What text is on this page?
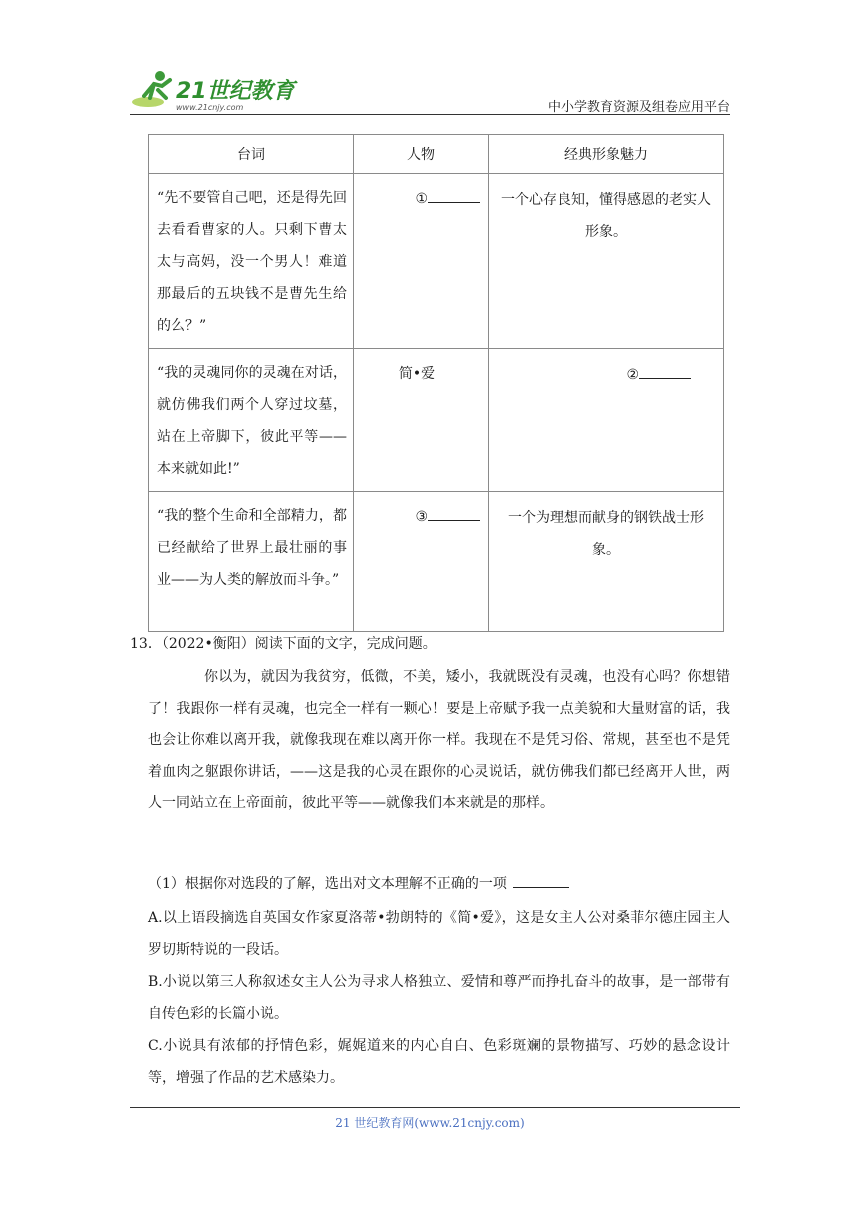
21世纪教育
www.21cnjy.com	中小学教育资源及组卷应用平台
台词	人物	经典形象魅力
“先不要管自己吧，还是得先回去看看曹家的人。只剩下曹太太与高妈，没一个男人！难道那最后的五块钱不是曹先生给的么？”	①	一个心存良知，懂得感恩的老实人形象。
“我的灵魂同你的灵魂在对话，就仿佛我们两个人穿过坟墓，站在上帝脚下，彼此平等——本来就如此!”	简•爱	②
“我的整个生命和全部精力，都已经献给了世界上最壮丽的事业——为人类的解放而斗争。”	③	一个为理想而献身的钢铁战士形象。
13．（2022•衡阳）阅读下面的文字，完成问题。
你以为，就因为我贫穷，低微，不美，矮小，我就既没有灵魂，也没有心吗？你想错了！我跟你一样有灵魂，也完全一样有一颗心！要是上帝赋予我一点美貌和大量财富的话，我也会让你难以离开我，就像我现在难以离开你一样。我现在不是凭习俗、常规，甚至也不是凭着血肉之躯跟你讲话，——这是我的心灵在跟你的心灵说话，就仿佛我们都已经离开人世，两人一同站立在上帝面前，彼此平等——就像我们本来就是的那样。
（1）根据你对选段的了解，选出对文本理解不正确的一项
A.以上语段摘选自英国女作家夏洛蒂•勃朗特的《简•爱》，这是女主人公对桑菲尔德庄园主人罗切斯特说的一段话。
B.小说以第三人称叙述女主人公为寻求人格独立、爱情和尊严而挣扎奋斗的故事，是一部带有自传色彩的长篇小说。
C.小说具有浓郁的抒情色彩，娓娓道来的内心自白、色彩斑斓的景物描写、巧妙的悬念设计等，增强了作品的艺术感染力。
21 世纪教育网(www.21cnjy.com)
